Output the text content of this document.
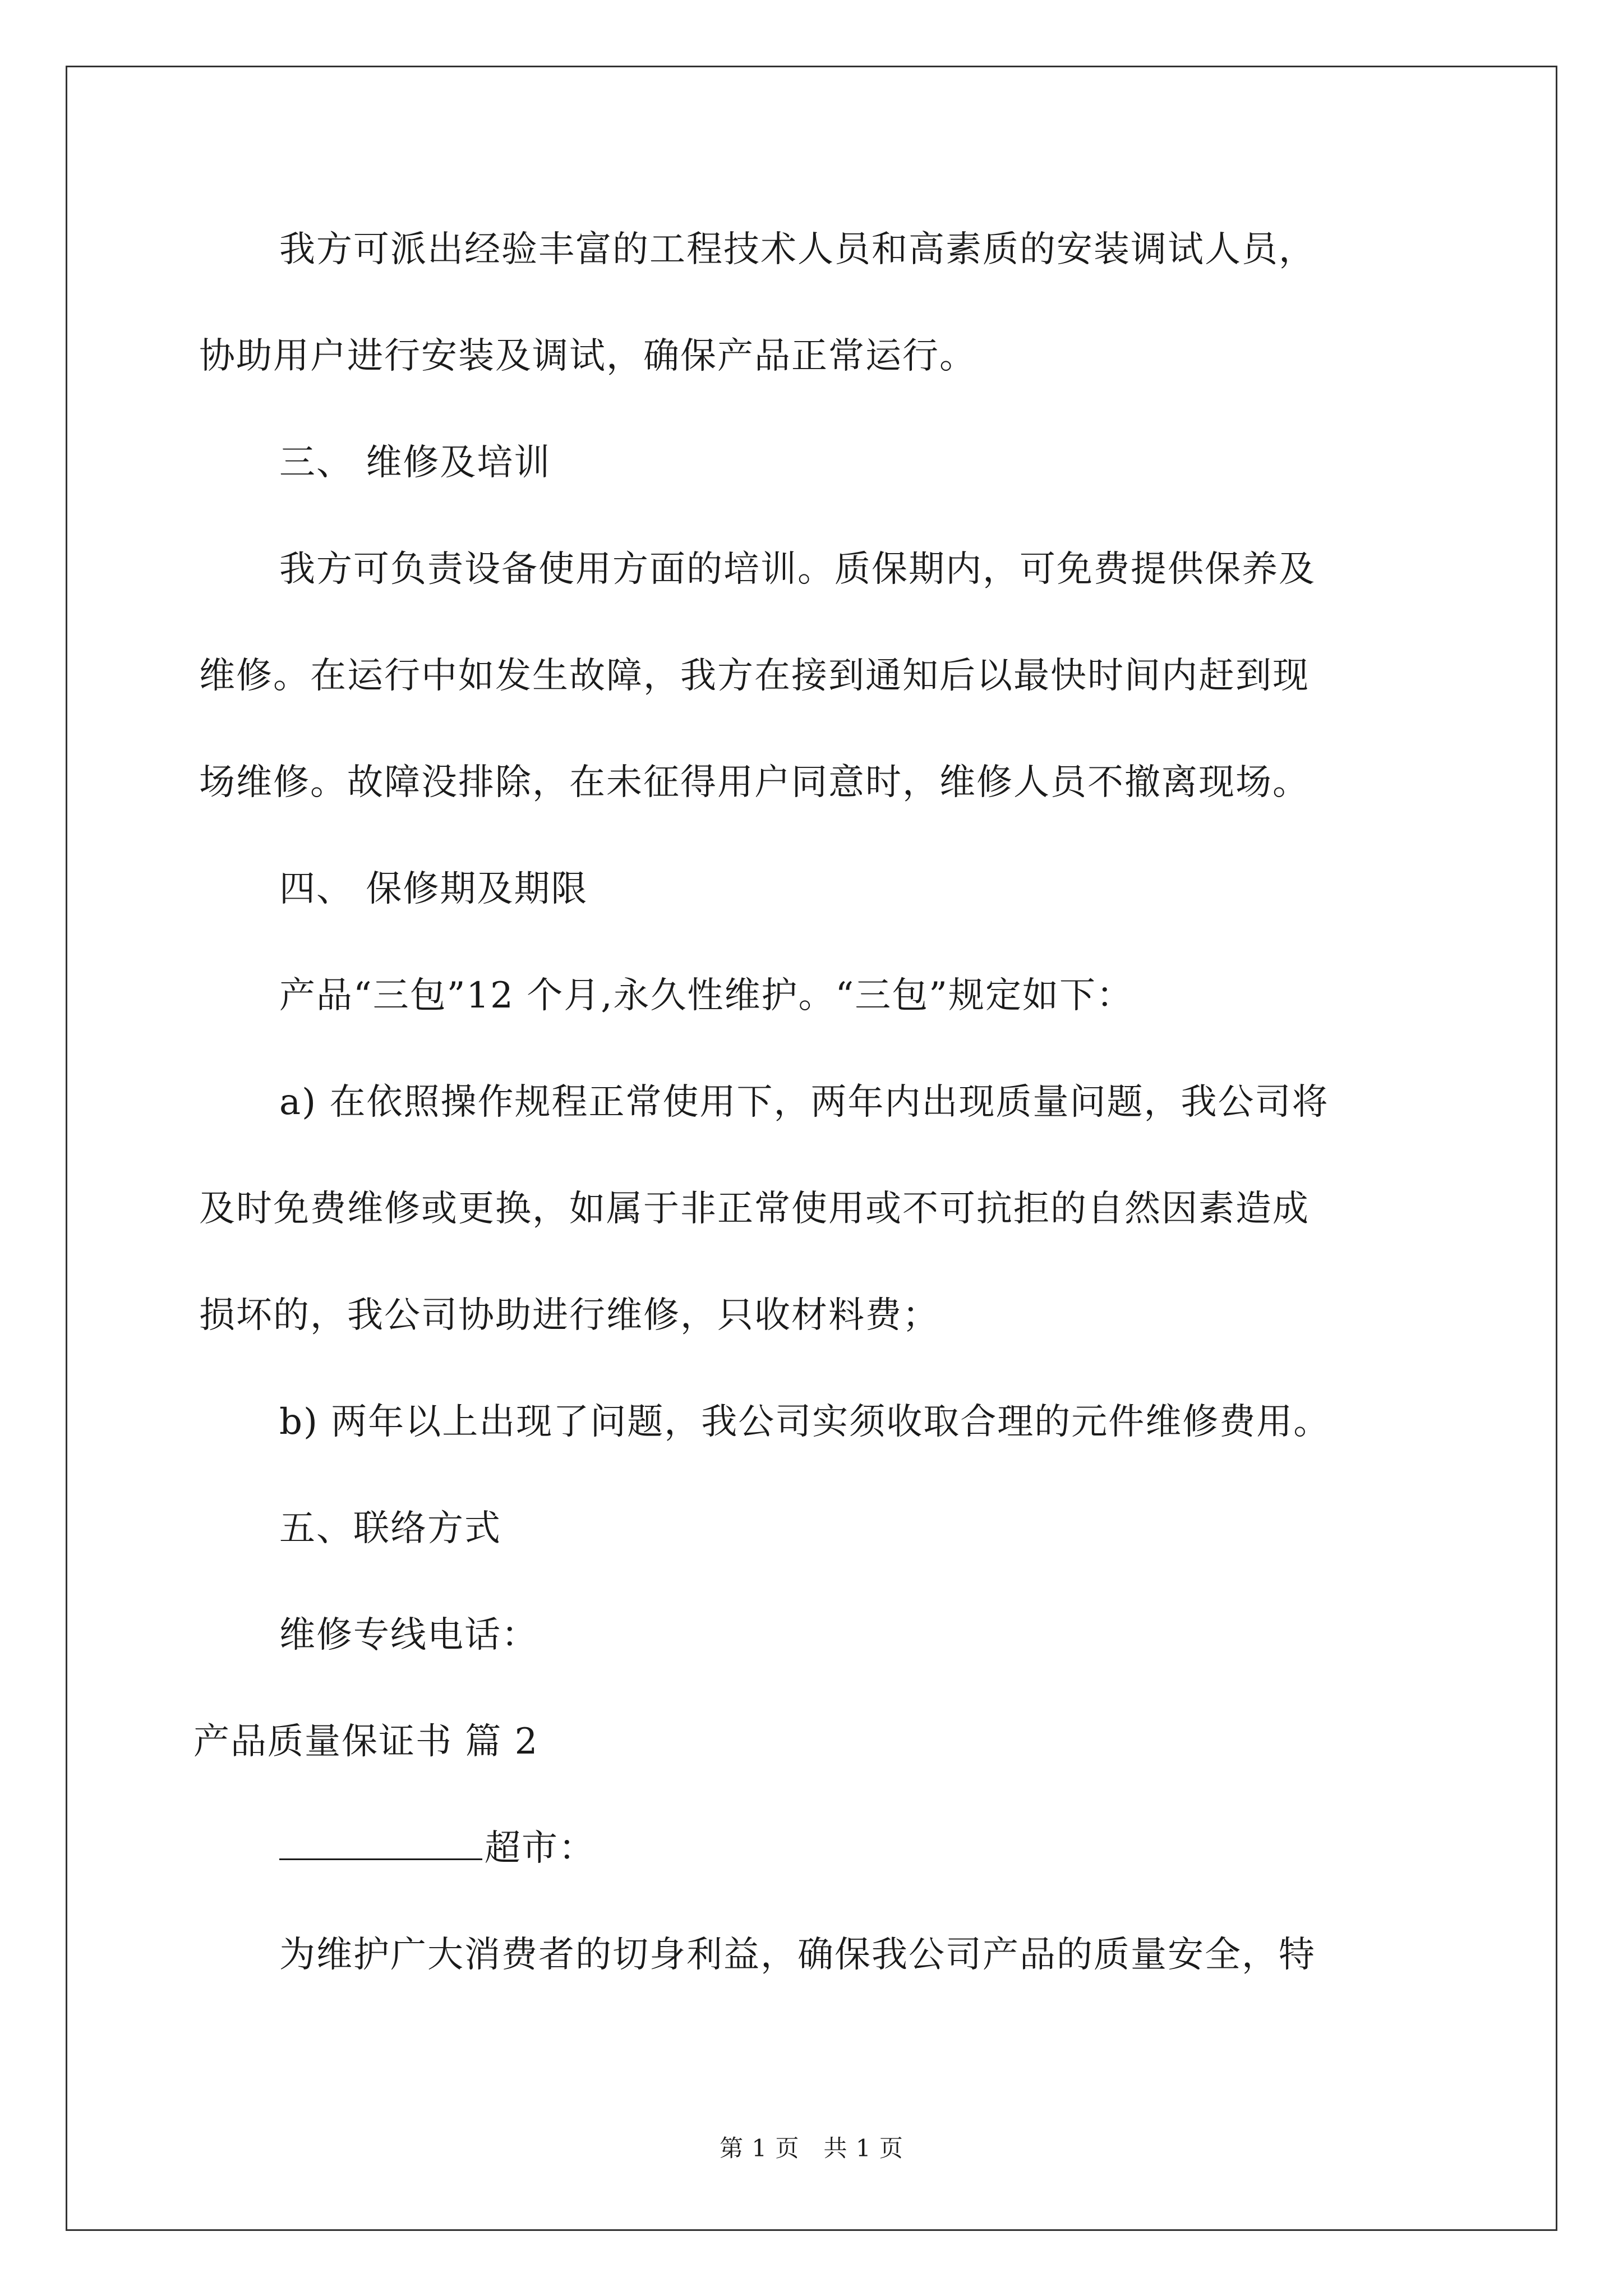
我方可派出经验丰富的工程技术人员和高素质的安装调试人员，
协助用户进行安装及调试，确保产品正常运行。
三、 维修及培训
我方可负责设备使用方面的培训。质保期内，可免费提供保养及
维修。在运行中如发生故障，我方在接到通知后以最快时间内赶到现
场维修。故障没排除，在未征得用户同意时，维修人员不撤离现场。
四、 保修期及期限
产品“三包”12 个月,永久性维护。“三包”规定如下：
a) 在依照操作规程正常使用下，两年内出现质量问题，我公司将
及时免费维修或更换，如属于非正常使用或不可抗拒的自然因素造成
损坏的，我公司协助进行维修，只收材料费；
b) 两年以上出现了问题，我公司实须收取合理的元件维修费用。
五、联络方式
维修专线电话：
产品质量保证书 篇 2
超市：
为维护广大消费者的切身利益，确保我公司产品的质量安全，特
第 1 页　共 1 页
